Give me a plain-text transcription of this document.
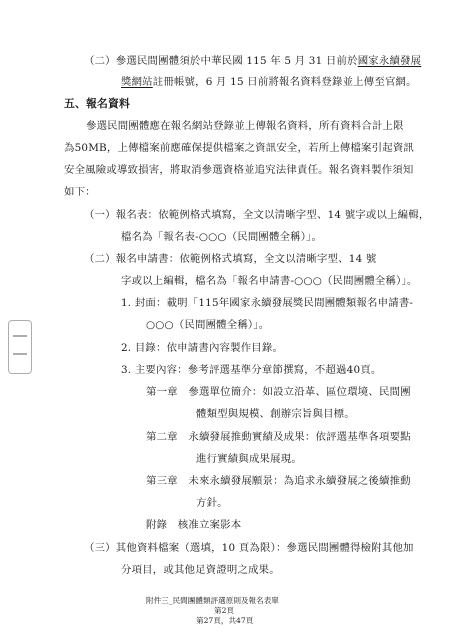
（二）參選民間團體須於中華民國 115 年 5 月 31 日前於國家永續發展
獎網站註冊帳號，6 月 15 日前將報名資料登錄並上傳至官網。
五、報名資料
參選民間團體應在報名網站登錄並上傳報名資料，所有資料合計上限
為50MB，上傳檔案前應確保提供檔案之資訊安全，若所上傳檔案引起資訊
安全風險或導致損害，將取消參選資格並追究法律責任。報名資料製作須知
如下：
（一）報名表：依範例格式填寫，全文以清晰字型、14 號字或以上編輯，
檔名為「報名表-○○○（民間團體全稱）」。
（二）報名申請書：依範例格式填寫，全文以清晰字型、14 號
字或以上編輯，檔名為「報名申請書-○○○（民間團體全稱）」。
1. 封面：載明「115年國家永續發展獎民間團體類報名申請書-
○○○（民間團體全稱）」。
2. 目錄：依申請書內容製作目錄。
3. 主要內容：參考評選基準分章節撰寫，不超過40頁。
第一章　參選單位簡介：如設立沿革、區位環境、民間團
體類型與規模、創辦宗旨與目標。
第二章　永續發展推動實績及成果：依評選基準各項要點
進行實績與成果展現。
第三章　未來永續發展願景：為追求永續發展之後續推動
方針。
附錄　核准立案影本
（三）其他資料檔案（選填，10 頁為限）：參選民間團體得檢附其他加
分項目，或其他足資證明之成果。
附件三_民間團體類評選原則及報名表單
第2頁
第27頁，共47頁
